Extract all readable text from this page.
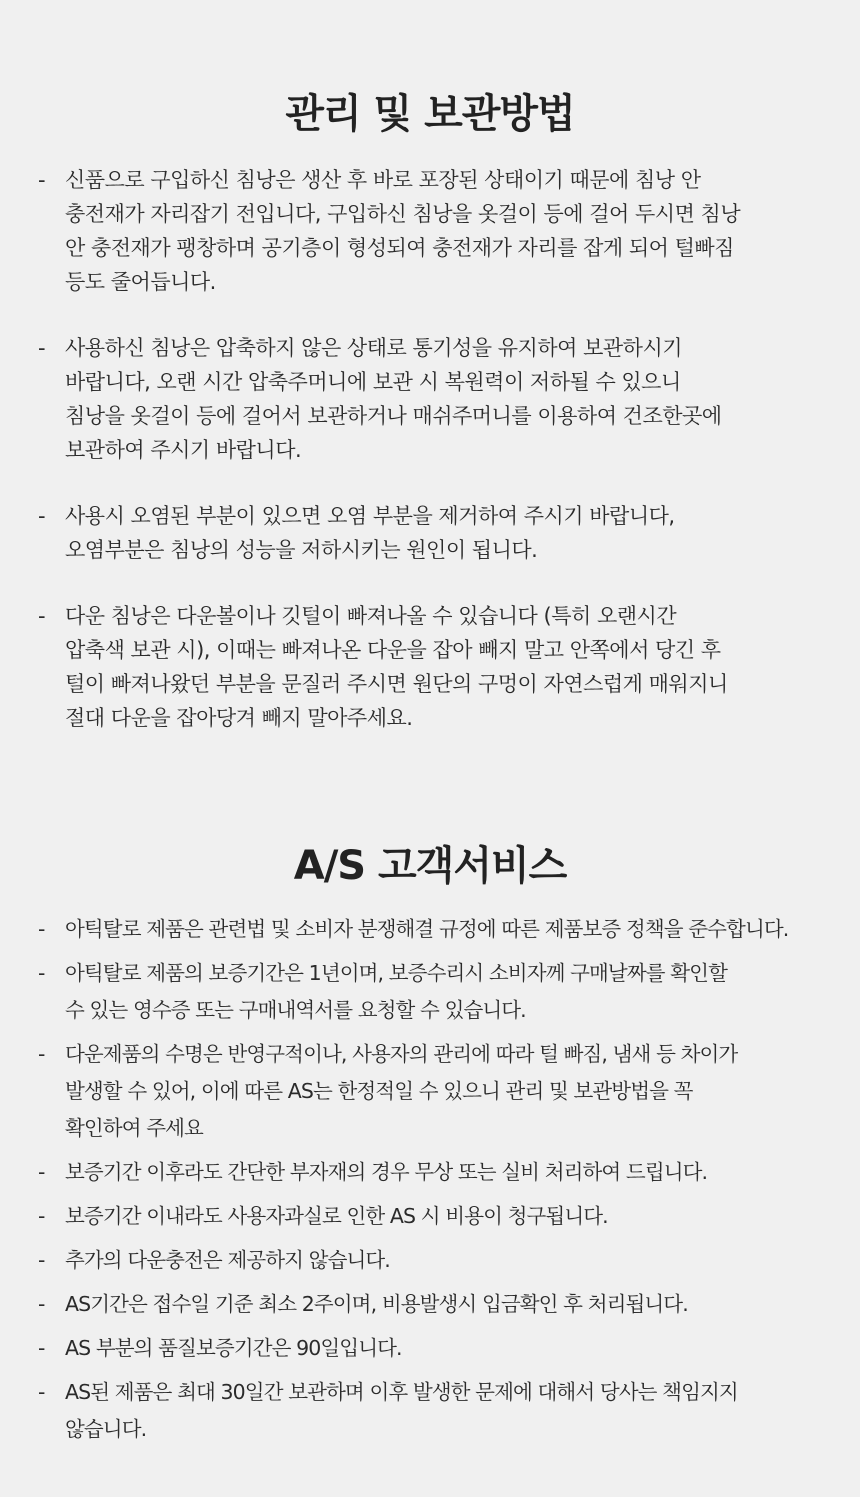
관리 및 보관방법
- 신품으로 구입하신 침낭은 생산 후 바로 포장된 상태이기 때문에 침낭 안
충전재가 자리잡기 전입니다, 구입하신 침낭을 옷걸이 등에 걸어 두시면 침낭
안 충전재가 팽창하며 공기층이 형성되여 충전재가 자리를 잡게 되어 털빠짐
등도 줄어듭니다.
- 사용하신 침낭은 압축하지 않은 상태로 통기성을 유지하여 보관하시기
바랍니다, 오랜 시간 압축주머니에 보관 시 복원력이 저하될 수 있으니
침낭을 옷걸이 등에 걸어서 보관하거나 매쉬주머니를 이용하여 건조한곳에
보관하여 주시기 바랍니다.
- 사용시 오염된 부분이 있으면 오염 부분을 제거하여 주시기 바랍니다,
오염부분은 침낭의 성능을 저하시키는 원인이 됩니다.
- 다운 침낭은 다운볼이나 깃털이 빠져나올 수 있습니다 (특히 오랜시간
압축색 보관 시), 이때는 빠져나온 다운을 잡아 빼지 말고 안쪽에서 당긴 후
털이 빠져나왔던 부분을 문질러 주시면 원단의 구멍이 자연스럽게 매워지니
절대 다운을 잡아당겨 빼지 말아주세요.
A/S 고객서비스
- 아틱탈로 제품은 관련법 및 소비자 분쟁해결 규정에 따른 제품보증 정책을 준수합니다.
- 아틱탈로 제품의 보증기간은 1년이며, 보증수리시 소비자께 구매날짜를 확인할
수 있는 영수증 또는 구매내역서를 요청할 수 있습니다.
- 다운제품의 수명은 반영구적이나, 사용자의 관리에 따라 털 빠짐, 냄새 등 차이가
발생할 수 있어, 이에 따른 AS는 한정적일 수 있으니 관리 및 보관방법을 꼭
확인하여 주세요
- 보증기간 이후라도 간단한 부자재의 경우 무상 또는 실비 처리하여 드립니다.
- 보증기간 이내라도 사용자과실로 인한 AS 시 비용이 청구됩니다.
- 추가의 다운충전은 제공하지 않습니다.
- AS기간은 접수일 기준 최소 2주이며, 비용발생시 입금확인 후 처리됩니다.
- AS 부분의 품질보증기간은 90일입니다.
- AS된 제품은 최대 30일간 보관하며 이후 발생한 문제에 대해서 당사는 책임지지
않습니다.
